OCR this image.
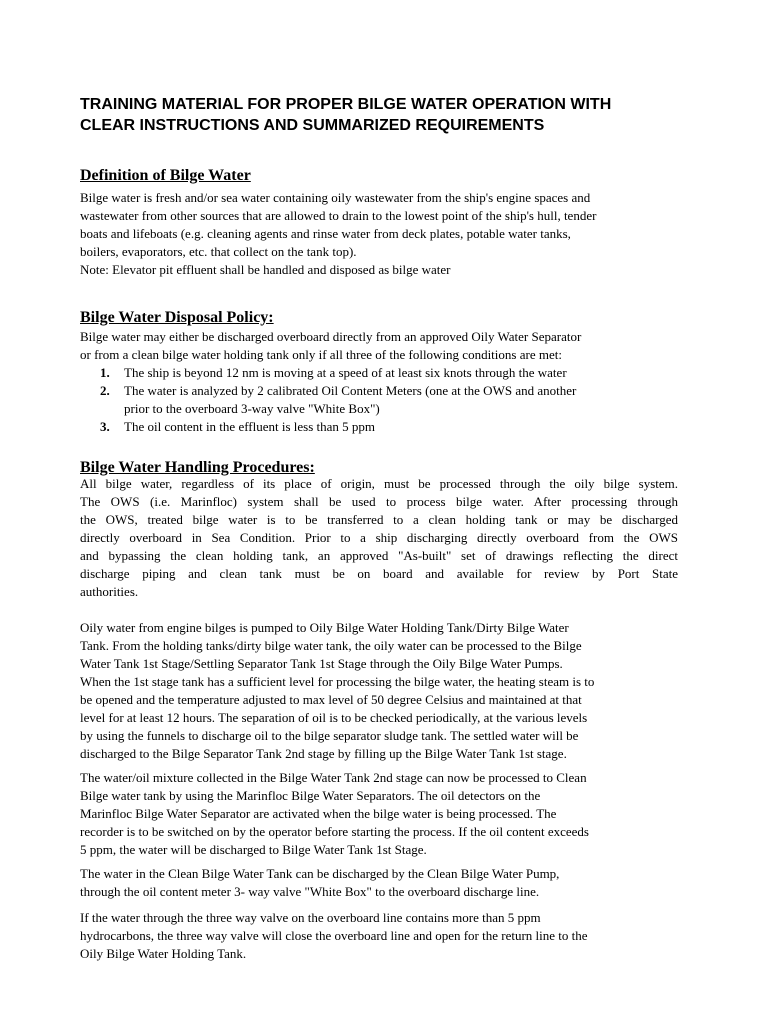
TRAINING MATERIAL FOR PROPER BILGE WATER OPERATION WITH
CLEAR INSTRUCTIONS AND SUMMARIZED REQUIREMENTS
Definition of Bilge Water
Bilge water is fresh and/or sea water containing oily wastewater from the ship's engine spaces and
wastewater from other sources that are allowed to drain to the lowest point of the ship's hull, tender
boats and lifeboats (e.g. cleaning agents and rinse water from deck plates, potable water tanks,
boilers, evaporators, etc. that collect on the tank top).
Note: Elevator pit effluent shall be handled and disposed as bilge water
Bilge Water Disposal Policy:
Bilge water may either be discharged overboard directly from an approved Oily Water Separator
or from a clean bilge water holding tank only if all three of the following conditions are met:
1. The ship is beyond 12 nm is moving at a speed of at least six knots through the water
2. The water is analyzed by 2 calibrated Oil Content Meters (one at the OWS and another
prior to the overboard 3-way valve "White Box")
3. The oil content in the effluent is less than 5 ppm
Bilge Water Handling Procedures:
All bilge water, regardless of its place of origin, must be processed through the oily bilge system.
The OWS (i.e. Marinfloc) system shall be used to process bilge water. After processing through
the OWS, treated bilge water is to be transferred to a clean holding tank or may be discharged
directly overboard in Sea Condition. Prior to a ship discharging directly overboard from the OWS
and bypassing the clean holding tank, an approved "As-built" set of drawings reflecting the direct
discharge piping and clean tank must be on board and available for review by Port State
authorities.
Oily water from engine bilges is pumped to Oily Bilge Water Holding Tank/Dirty Bilge Water
Tank. From the holding tanks/dirty bilge water tank, the oily water can be processed to the Bilge
Water Tank 1st Stage/Settling Separator Tank 1st Stage through the Oily Bilge Water Pumps.
When the 1st stage tank has a sufficient level for processing the bilge water, the heating steam is to
be opened and the temperature adjusted to max level of 50 degree Celsius and maintained at that
level for at least 12 hours. The separation of oil is to be checked periodically, at the various levels
by using the funnels to discharge oil to the bilge separator sludge tank. The settled water will be
discharged to the Bilge Separator Tank 2nd stage by filling up the Bilge Water Tank 1st stage.
The water/oil mixture collected in the Bilge Water Tank 2nd stage can now be processed to Clean
Bilge water tank by using the Marinfloc Bilge Water Separators. The oil detectors on the
Marinfloc Bilge Water Separator are activated when the bilge water is being processed. The
recorder is to be switched on by the operator before starting the process. If the oil content exceeds
5 ppm, the water will be discharged to Bilge Water Tank 1st Stage.
The water in the Clean Bilge Water Tank can be discharged by the Clean Bilge Water Pump,
through the oil content meter 3- way valve "White Box" to the overboard discharge line.
If the water through the three way valve on the overboard line contains more than 5 ppm
hydrocarbons, the three way valve will close the overboard line and open for the return line to the
Oily Bilge Water Holding Tank.
